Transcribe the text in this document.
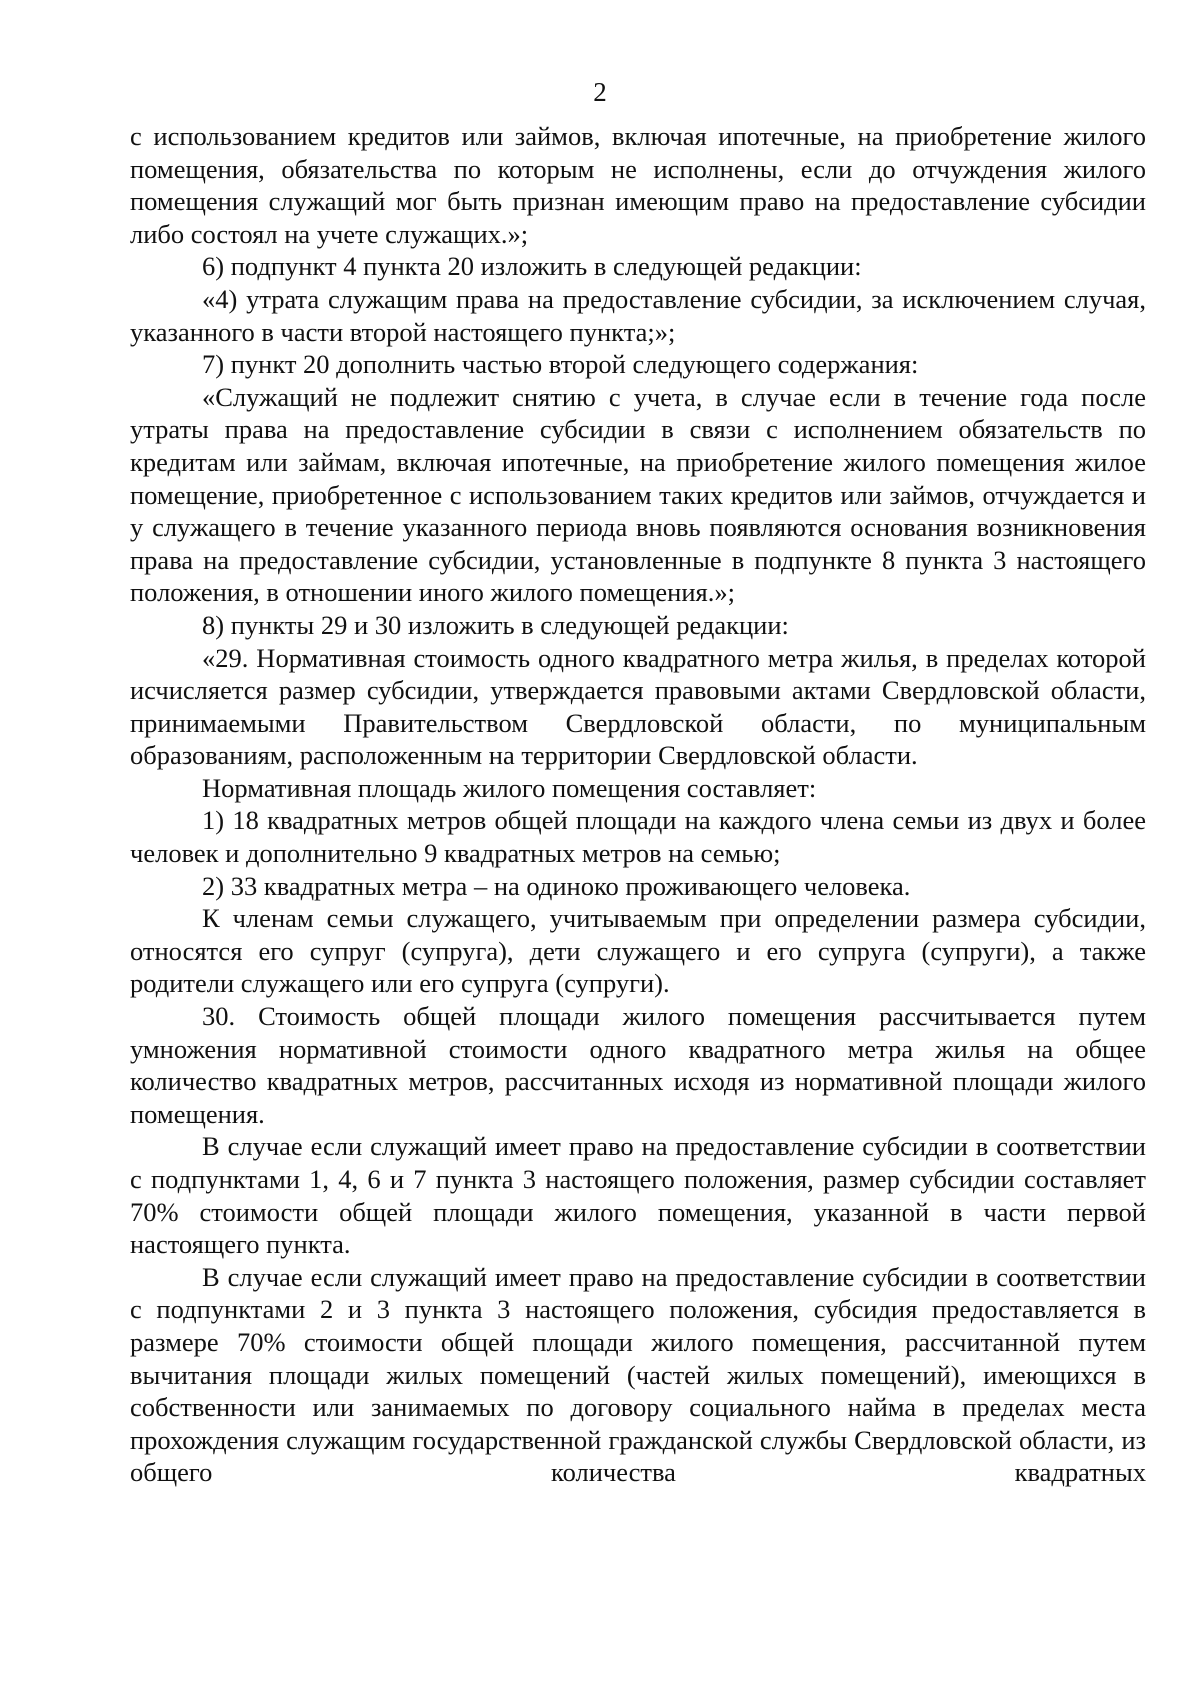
2

с использованием кредитов или займов, включая ипотечные, на приобретение жилого помещения, обязательства по которым не исполнены, если до отчуждения жилого помещения служащий мог быть признан имеющим право на предоставление субсидии либо состоял на учете служащих.»;

6) подпункт 4 пункта 20 изложить в следующей редакции:

«4) утрата служащим права на предоставление субсидии, за исключением случая, указанного в части второй настоящего пункта;»;

7) пункт 20 дополнить частью второй следующего содержания:

«Служащий не подлежит снятию с учета, в случае если в течение года после утраты права на предоставление субсидии в связи с исполнением обязательств по кредитам или займам, включая ипотечные, на приобретение жилого помещения жилое помещение, приобретенное с использованием таких кредитов или займов, отчуждается и у служащего в течение указанного периода вновь появляются основания возникновения права на предоставление субсидии, установленные в подпункте 8 пункта 3 настоящего положения, в отношении иного жилого помещения.»;

8) пункты 29 и 30 изложить в следующей редакции:

«29. Нормативная стоимость одного квадратного метра жилья, в пределах которой исчисляется размер субсидии, утверждается правовыми актами Свердловской области, принимаемыми Правительством Свердловской области, по муниципальным образованиям, расположенным на территории Свердловской области.

Нормативная площадь жилого помещения составляет:

1) 18 квадратных метров общей площади на каждого члена семьи из двух и более человек и дополнительно 9 квадратных метров на семью;

2) 33 квадратных метра – на одиноко проживающего человека.

К членам семьи служащего, учитываемым при определении размера субсидии, относятся его супруг (супруга), дети служащего и его супруга (супруги), а также родители служащего или его супруга (супруги).

30. Стоимость общей площади жилого помещения рассчитывается путем умножения нормативной стоимости одного квадратного метра жилья на общее количество квадратных метров, рассчитанных исходя из нормативной площади жилого помещения.

В случае если служащий имеет право на предоставление субсидии в соответствии с подпунктами 1, 4, 6 и 7 пункта 3 настоящего положения, размер субсидии составляет 70% стоимости общей площади жилого помещения, указанной в части первой настоящего пункта.

В случае если служащий имеет право на предоставление субсидии в соответствии с подпунктами 2 и 3 пункта 3 настоящего положения, субсидия предоставляется в размере 70% стоимости общей площади жилого помещения, рассчитанной путем вычитания площади жилых помещений (частей жилых помещений), имеющихся в собственности или занимаемых по договору социального найма в пределах места прохождения служащим государственной гражданской службы Свердловской области, из общего количества квадратных
